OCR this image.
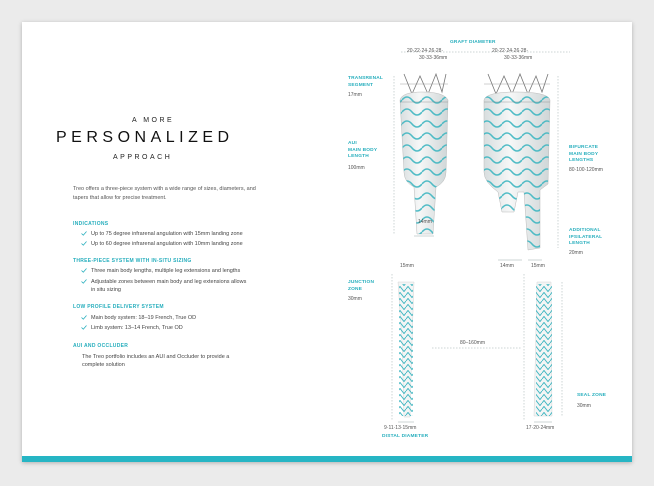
A MORE
PERSONALIZED
APPROACH
Treo offers a three-piece system with a wide range of sizes, diameters, and tapers that allow for precise treatment.
INDICATIONS
Up to 75 degree infrarenal angulation with 15mm landing zone
Up to 60 degree infrarenal angulation with 10mm landing zone
THREE-PIECE SYSTEM WITH IN-SITU SIZING
Three main body lengths, multiple leg extensions and lengths
Adjustable zones between main body and leg extensions allows in situ sizing
LOW PROFILE DELIVERY SYSTEM
Main body system: 18–19 French, True OD
Limb system: 13–14 French, True OD
AUI AND OCCLUDER
The Treo portfolio includes an AUI and Occluder to provide a complete solution
GRAFT DIAMETER
20·22·24·26·28·
30·33·36mm
20·22·24·26·28·
30·33·36mm
TRANSRENAL
SEGMENT
17mm
AUI
MAIN BODY
LENGTH
100mm
BIFURCATE
MAIN BODY
LENGTHS
80·100·120mm
14mm
ADDITIONAL
IPSILATERAL
LENGTH
20mm
14mm	15mm
15mm
JUNCTION
ZONE
30mm
80–160mm
SEAL ZONE
30mm
9·11·13·15mm
DISTAL DIAMETER
17·20·24mm
